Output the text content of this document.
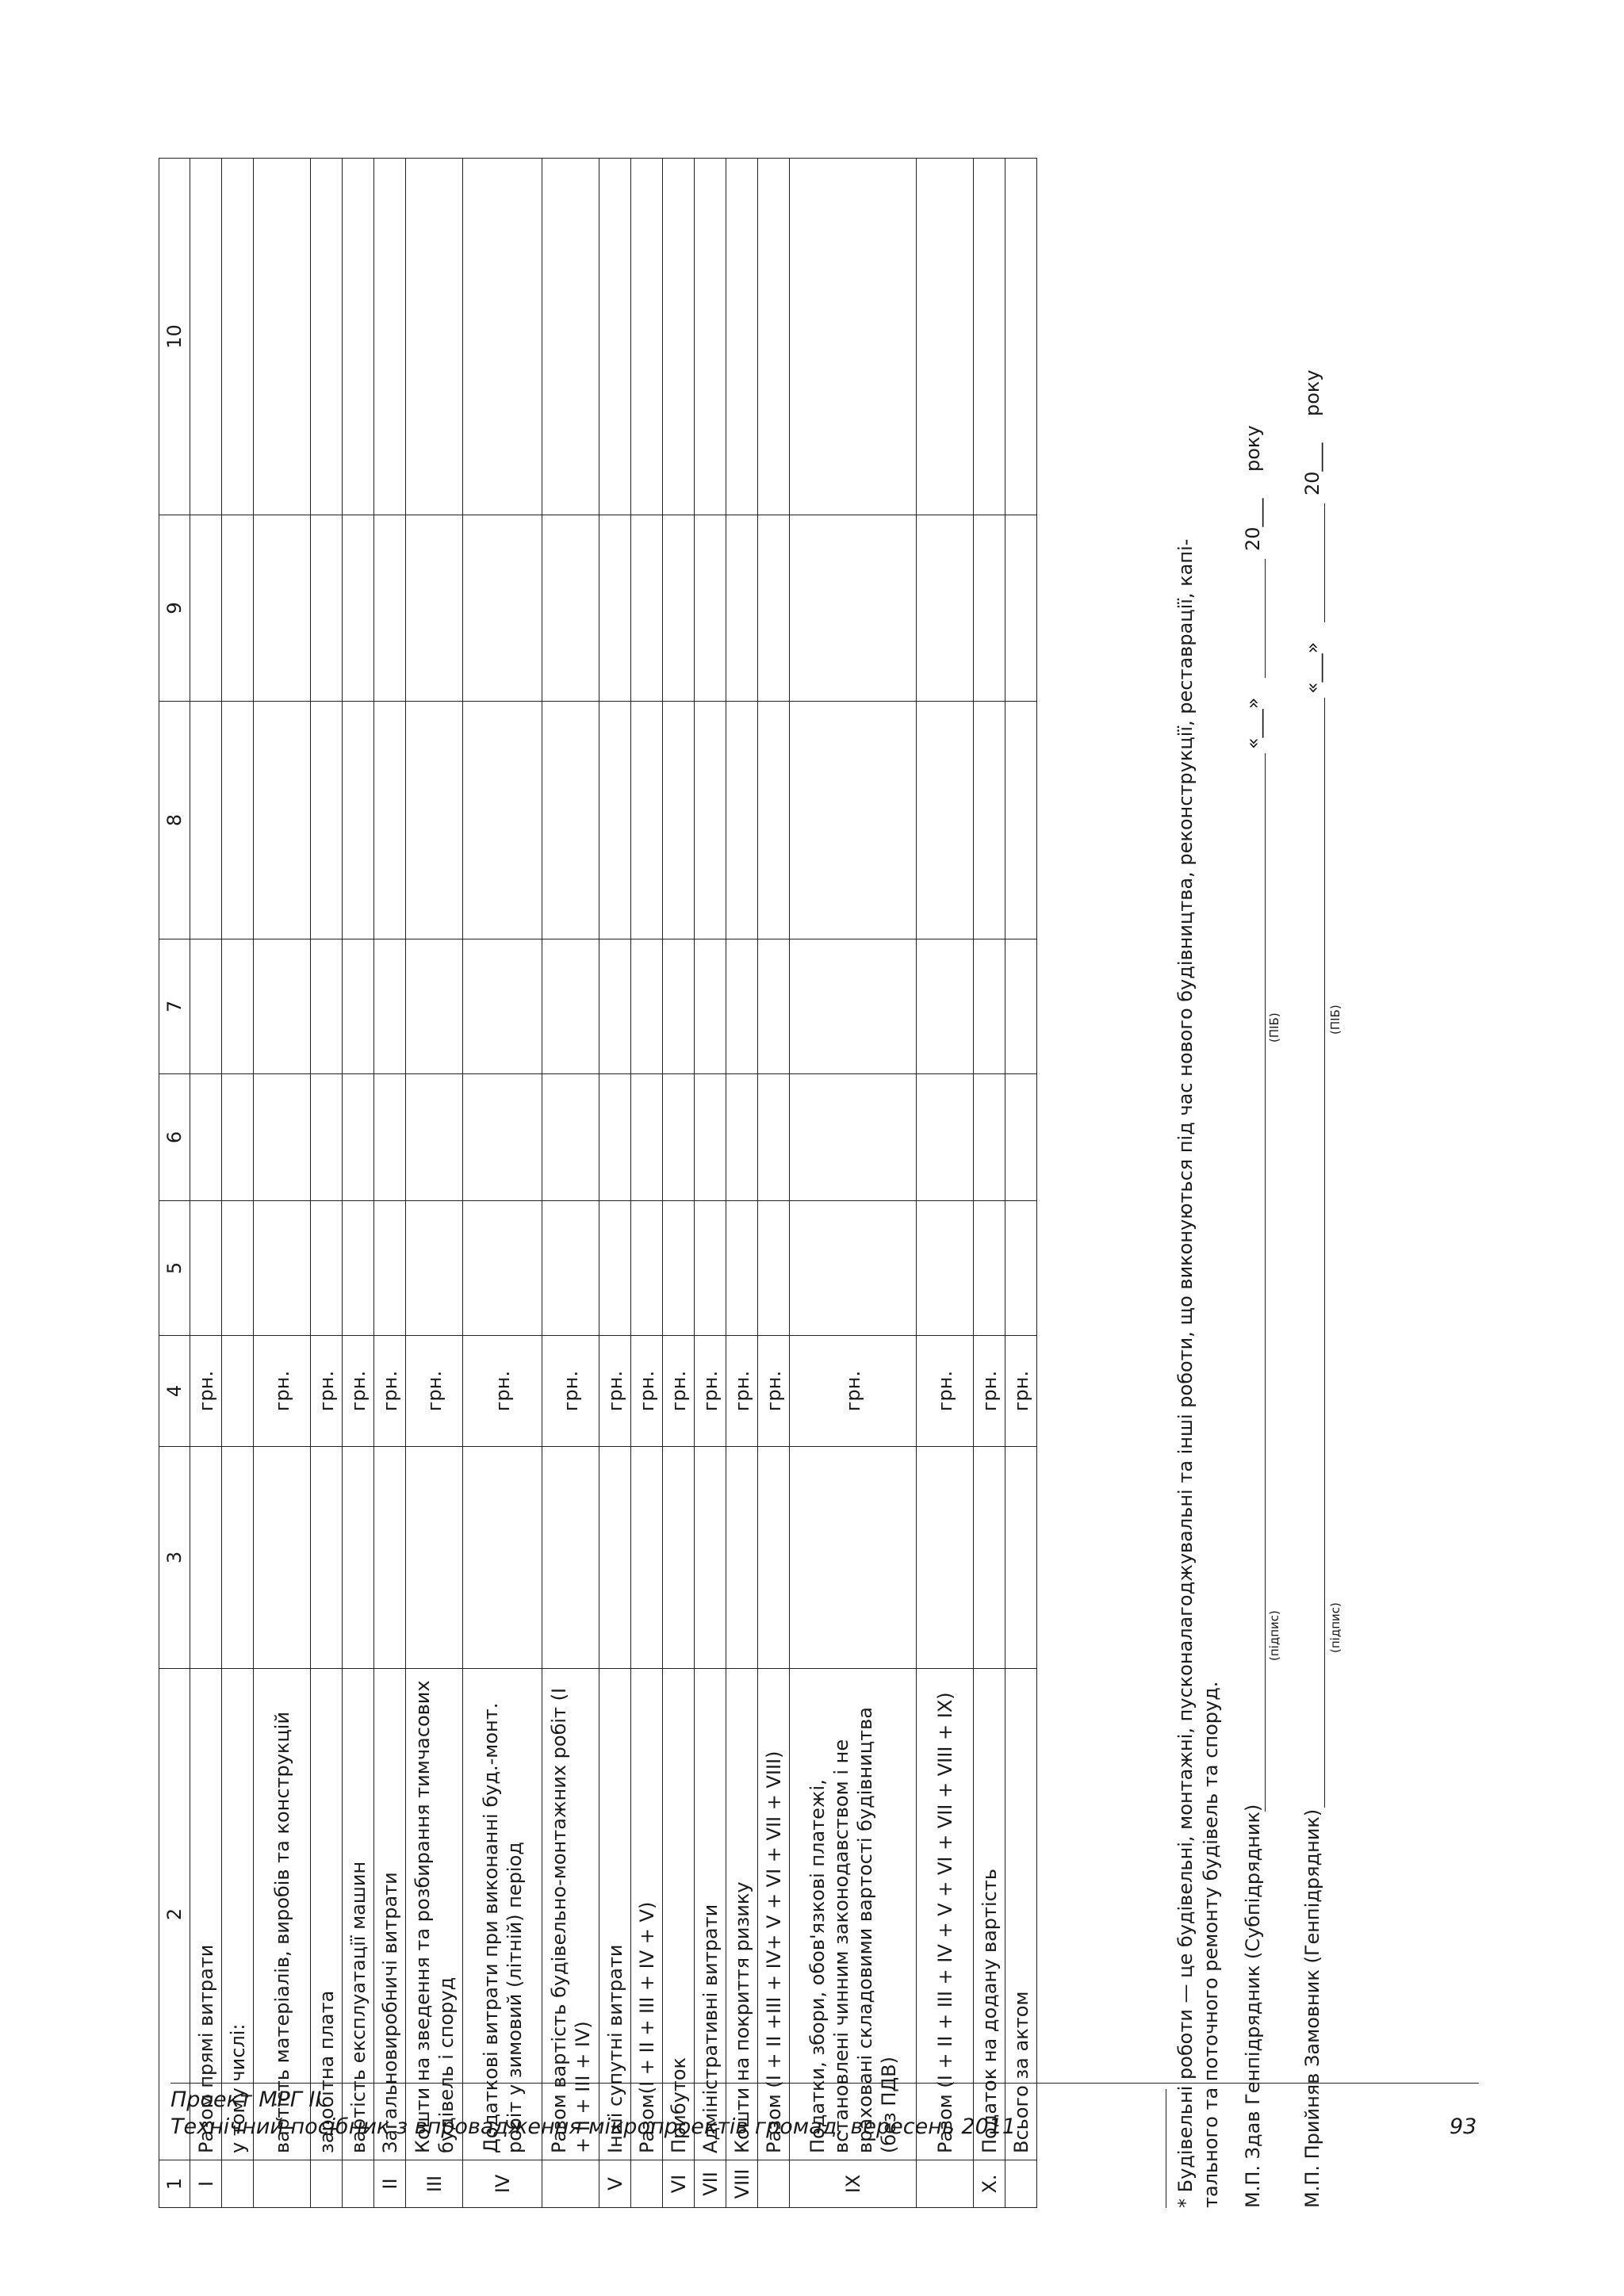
1	2	3	4	5	6	7	8	9	10
I	Разом прямі витрати		грн.						
	у тому числі:								
	вартість матеріалів, виробів та конструкцій		грн.						
	заробітна плата		грн.						
	вартість експлуатації машин		грн.						
II	Загальновиробничі витрати		грн.						
III	Кошти на зведення та розбирання тимчасових будівель і споруд		грн.						
IV	Додаткові витрати при виконанні буд.-монт. робіт у зимовий (літній) період		грн.						
	Разом вартість будівельно-монтажних робіт (I + II + III + IV)		грн.						
V	Інші супутні витрати		грн.						
	Разом(I + II + III + IV + V)		грн.						
VI	Прибуток		грн.						
VII	Адміністративні витрати		грн.						
VIII	Кошти на покриття ризику		грн.						
	Разом (I + II +III + IV+ V + VI + VII + VIII)		грн.						
IX	Податки, збори, обов'язкові платежі, встановлені чинним законодавством і не враховані складовими вартості будівництва (без ПДВ)		грн.						
	Разом (I + II + III + IV + V + VI + VII + VIII + IX)		грн.						
X.	Податок на додану вартість		грн.						
	Всього за актом		грн.							* Будівельні роботи — це будівельні, монтажні, пусконалагоджувальні та інші роботи, що виконуються під час нового будівництва, реконструкції, реставрації, капі- тального та поточного ремонту будівель та споруд. М.П. Здав Генпідрядник (Субпідрядник)
(підпис)
(ПІБ)
«___»
20___
року
М.П. Прийняв Замовник (Генпідрядник)
(підпис)
(ПІБ)
«___»
20___
року
Проект МРГ ІІ
Технічний посібник з впровадження мікропроектів громад, вересень 2011	93
